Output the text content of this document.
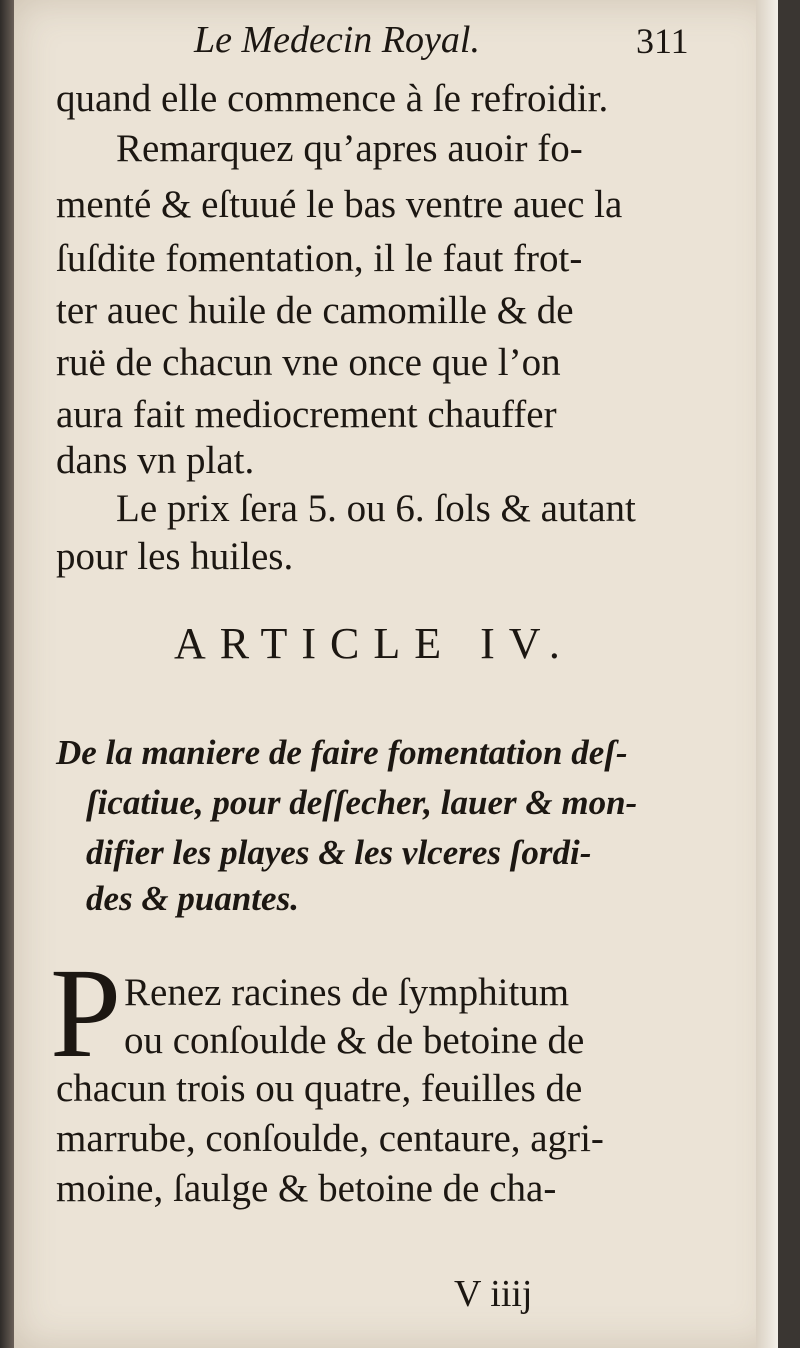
Le Medecin Royal.	311
quand elle commence à ſe refroidir.
Remarquez qu’apres auoir fo-
menté & eſtuué le bas ventre auec la
ſuſdite fomentation, il le faut frot-
ter auec huile de camomille & de
ruë de chacun vne once que l’on
aura fait mediocrement chauffer
dans vn plat.
Le prix ſera 5. ou 6. ſols & autant
pour les huiles.
ARTICLE IV.
De la maniere de faire fomentation deſ-
ſicatiue, pour deſſecher, lauer & mon-
difier les playes & les vlceres ſordi-
des & puantes.
P Renez racines de ſymphitum
ou conſoulde & de betoine de
chacun trois ou quatre, feuilles de
marrube, conſoulde, centaure, agri-
moine, ſaulge & betoine de cha-
V iiij
